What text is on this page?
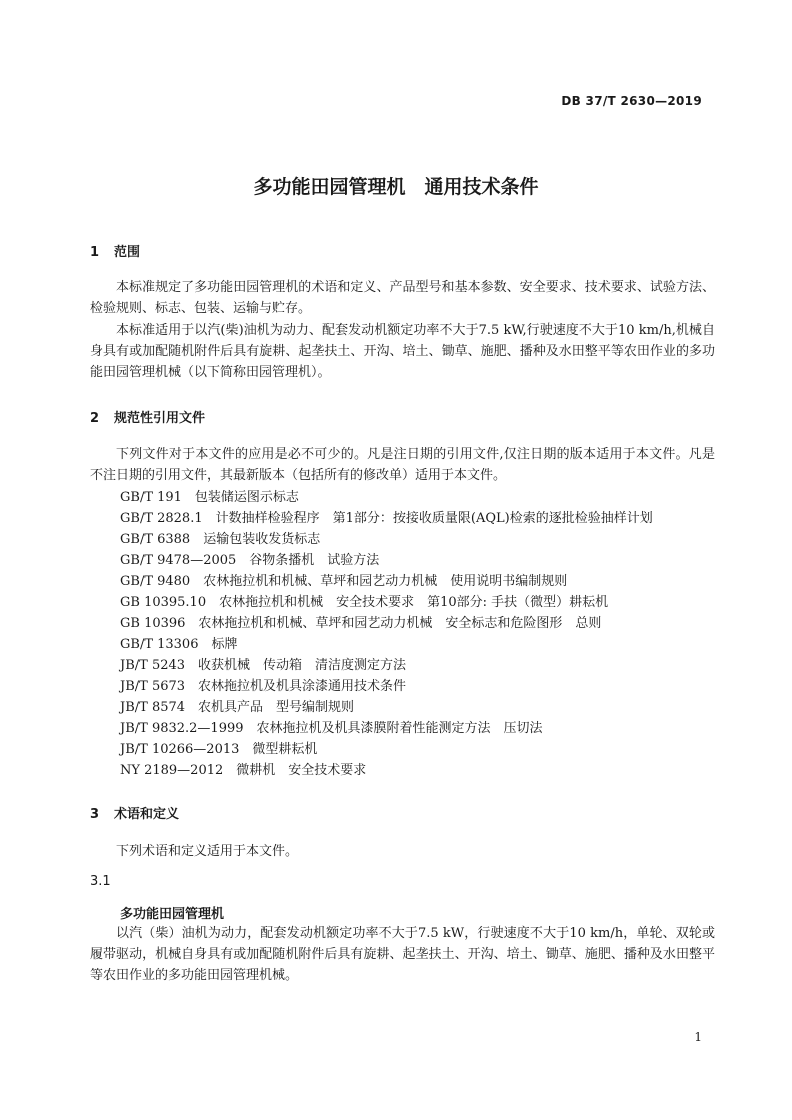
DB 37/T 2630—2019
多功能田园管理机　通用技术条件
1 范围
本标准规定了多功能田园管理机的术语和定义、产品型号和基本参数、安全要求、技术要求、试验方法、检验规则、标志、包装、运输与贮存。
本标准适用于以汽(柴)油机为动力、配套发动机额定功率不大于7.5 kW,行驶速度不大于10 km/h,机械自身具有或加配随机附件后具有旋耕、起垄扶土、开沟、培土、锄草、施肥、播种及水田整平等农田作业的多功能田园管理机械（以下简称田园管理机）。
2 规范性引用文件
下列文件对于本文件的应用是必不可少的。凡是注日期的引用文件,仅注日期的版本适用于本文件。凡是不注日期的引用文件，其最新版本（包括所有的修改单）适用于本文件。
GB/T 191　包装储运图示标志
GB/T 2828.1　计数抽样检验程序　第1部分：按接收质量限(AQL)检索的逐批检验抽样计划
GB/T 6388　运输包装收发货标志
GB/T 9478—2005　谷物条播机　试验方法
GB/T 9480　农林拖拉机和机械、草坪和园艺动力机械　使用说明书编制规则
GB 10395.10　农林拖拉机和机械　安全技术要求　第10部分: 手扶（微型）耕耘机
GB 10396　农林拖拉机和机械、草坪和园艺动力机械　安全标志和危险图形　总则
GB/T 13306　标牌
JB/T 5243　收获机械　传动箱　清洁度测定方法
JB/T 5673　农林拖拉机及机具涂漆通用技术条件
JB/T 8574　农机具产品　型号编制规则
JB/T 9832.2—1999　农林拖拉机及机具漆膜附着性能测定方法　压切法
JB/T 10266—2013　微型耕耘机
NY 2189—2012　微耕机　安全技术要求
3 术语和定义
下列术语和定义适用于本文件。
3.1
多功能田园管理机
以汽（柴）油机为动力，配套发动机额定功率不大于7.5 kW，行驶速度不大于10 km/h，单轮、双轮或履带驱动，机械自身具有或加配随机附件后具有旋耕、起垄扶土、开沟、培土、锄草、施肥、播种及水田整平等农田作业的多功能田园管理机械。
1
